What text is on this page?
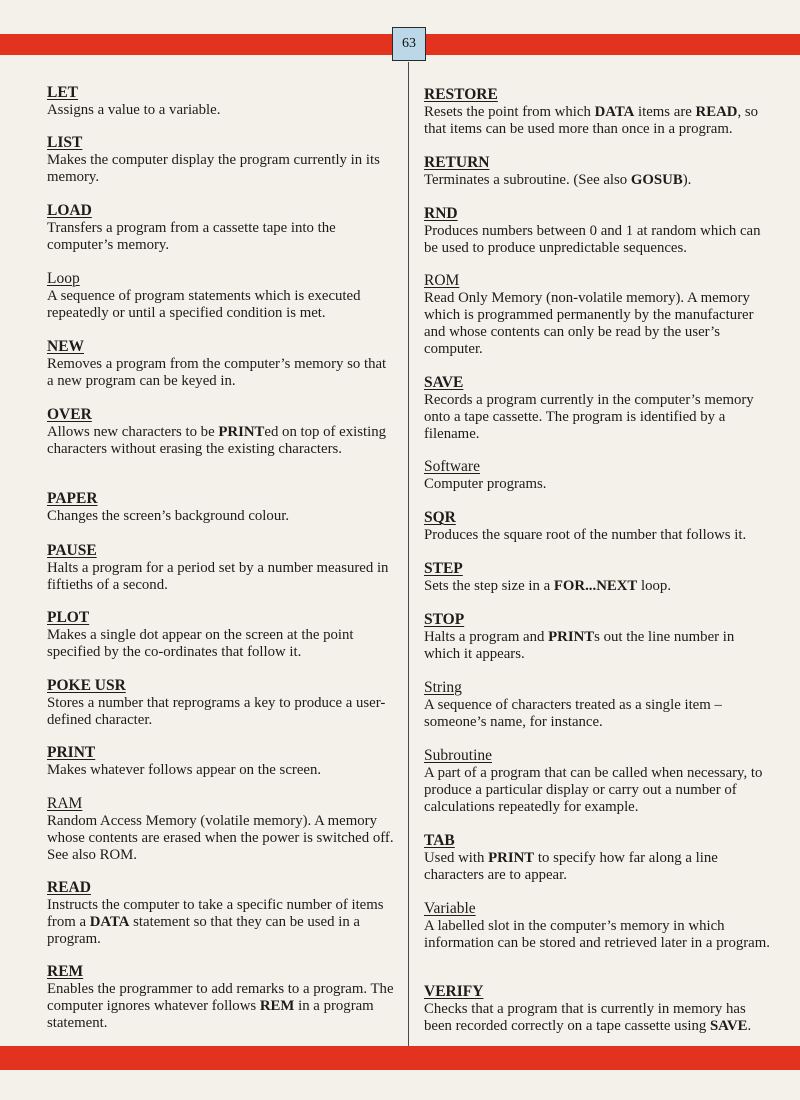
63
LET
Assigns a value to a variable.
LIST
Makes the computer display the program currently in its memory.
LOAD
Transfers a program from a cassette tape into the computer’s memory.
Loop
A sequence of program statements which is executed repeatedly or until a specified condition is met.
NEW
Removes a program from the computer’s memory so that a new program can be keyed in.
OVER
Allows new characters to be PRINTed on top of existing characters without erasing the existing characters.
PAPER
Changes the screen’s background colour.
PAUSE
Halts a program for a period set by a number measured in fiftieths of a second.
PLOT
Makes a single dot appear on the screen at the point specified by the co-ordinates that follow it.
POKE USR
Stores a number that reprograms a key to produce a user-defined character.
PRINT
Makes whatever follows appear on the screen.
RAM
Random Access Memory (volatile memory). A memory whose contents are erased when the power is switched off. See also ROM.
READ
Instructs the computer to take a specific number of items from a DATA statement so that they can be used in a program.
REM
Enables the programmer to add remarks to a program. The computer ignores whatever follows REM in a program statement.
RESTORE
Resets the point from which DATA items are READ, so that items can be used more than once in a program.
RETURN
Terminates a subroutine. (See also GOSUB).
RND
Produces numbers between 0 and 1 at random which can be used to produce unpredictable sequences.
ROM
Read Only Memory (non-volatile memory). A memory which is programmed permanently by the manufacturer and whose contents can only be read by the user’s computer.
SAVE
Records a program currently in the computer’s memory onto a tape cassette. The program is identified by a filename.
Software
Computer programs.
SQR
Produces the square root of the number that follows it.
STEP
Sets the step size in a FOR...NEXT loop.
STOP
Halts a program and PRINTs out the line number in which it appears.
String
A sequence of characters treated as a single item – someone’s name, for instance.
Subroutine
A part of a program that can be called when necessary, to produce a particular display or carry out a number of calculations repeatedly for example.
TAB
Used with PRINT to specify how far along a line characters are to appear.
Variable
A labelled slot in the computer’s memory in which information can be stored and retrieved later in a program.
VERIFY
Checks that a program that is currently in memory has been recorded correctly on a tape cassette using SAVE.
